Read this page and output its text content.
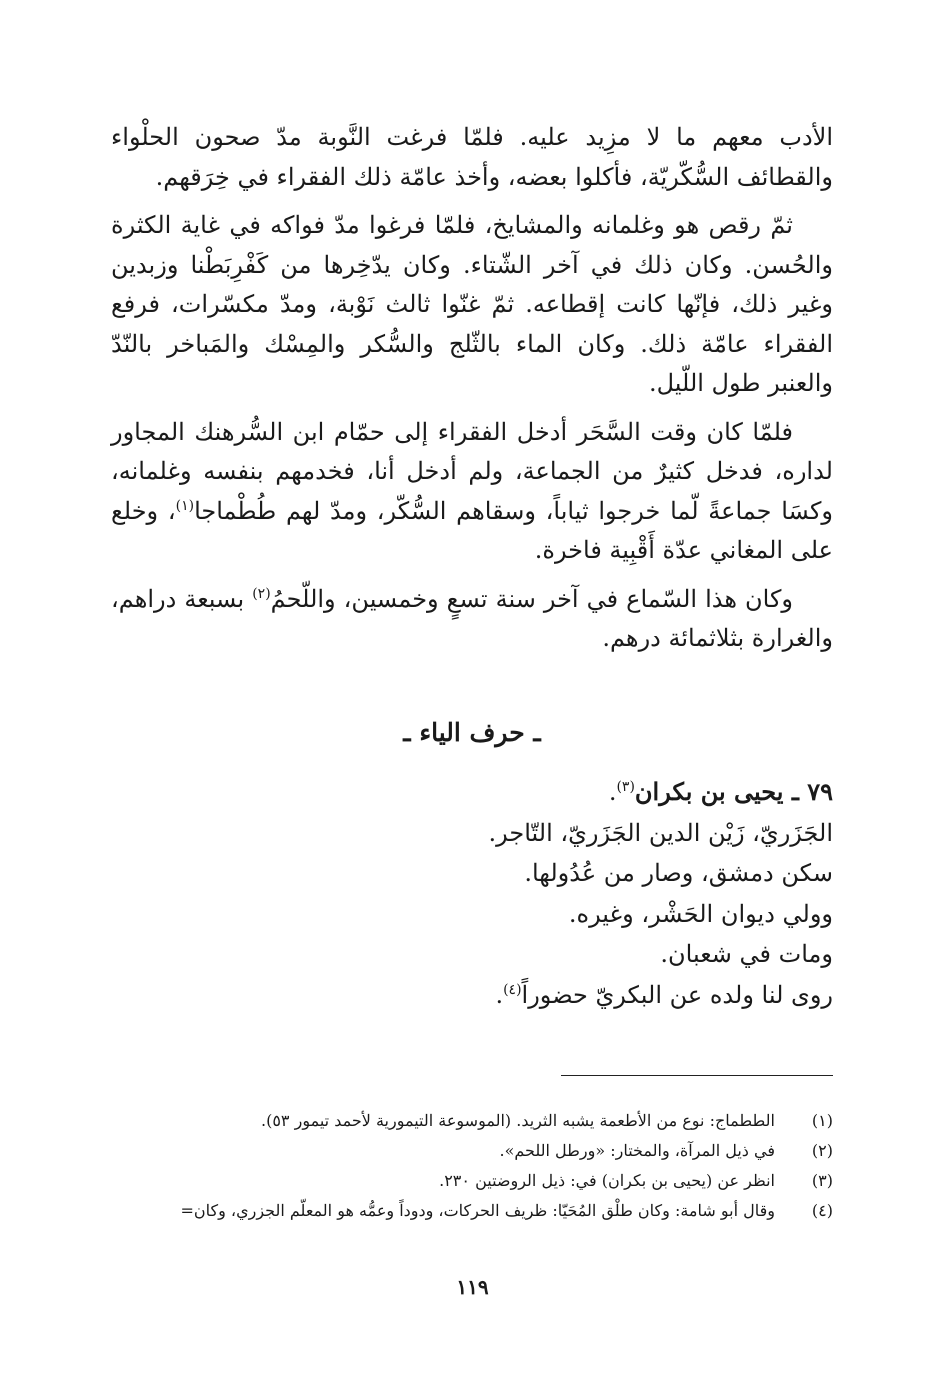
الأدب معهم ما لا مزِيد عليه. فلمّا فرغت النَّوبة مدّ صحون الحلْواء والقطائف السُّكّريّة، فأكلوا بعضه، وأخذ عامّة ذلك الفقراء في خِرَقهم.

ثمّ رقص هو وغلمانه والمشايخ، فلمّا فرغوا مدّ فواكه في غاية الكثرة والحُسن. وكان ذلك في آخر الشّتاء. وكان يدّخِرها من كَفْرِبَطْنا وزبدين وغير ذلك، فإنّها كانت إقطاعه. ثمّ غنّوا ثالث نَوْبة، ومدّ مكسّرات، فرفع الفقراء عامّة ذلك. وكان الماء بالثّلج والسُّكر والمِسْك والمَباخر بالنّدّ والعنبر طول اللّيل.

فلمّا كان وقت السَّحَر أدخل الفقراء إلى حمّام ابن السُّرهنك المجاور لداره، فدخل كثيرٌ من الجماعة، ولم أدخل أنا، فخدمهم بنفسه وغلمانه، وكسَا جماعةً لّما خرجوا ثياباً، وسقاهم السُّكّر، ومدّ لهم طُطْماجا$^{(١)}$، وخلع على المغاني عدّة أَقْبِية فاخرة.

وكان هذا السّماع في آخر سنة تسعٍ وخمسين، واللّحمُ$^{(٢)}$ بسبعة دراهم، والغرارة بثلاثمائة درهم.

ـ حرف الياء ـ
٧٩ ـ يحيى بن بكران$^{(٣)}$.
الجَزَريّ، زَيْن الدين الجَزَريّ، التّاجر.
سكن دمشق، وصار من عُدُولها.
وولي ديوان الحَشْر، وغيره.
ومات في شعبان.
روى لنا ولده عن البكريّ حضوراً$^{(٤)}$.
(١)
الططماج: نوع من الأطعمة يشبه الثريد. (الموسوعة التيمورية لأحمد تيمور ٥٣).
(٢)
في ذيل المرآة، والمختار: «ورطل اللحم».
(٣)
انظر عن (يحيى بن بكران) في: ذيل الروضتين ٢٣٠.
(٤)
وقال أبو شامة: وكان طلْق المُحَيّا: ظريف الحركات، ودوداً وعمُّه هو المعلّم الجزري، وكان=
١١٩
